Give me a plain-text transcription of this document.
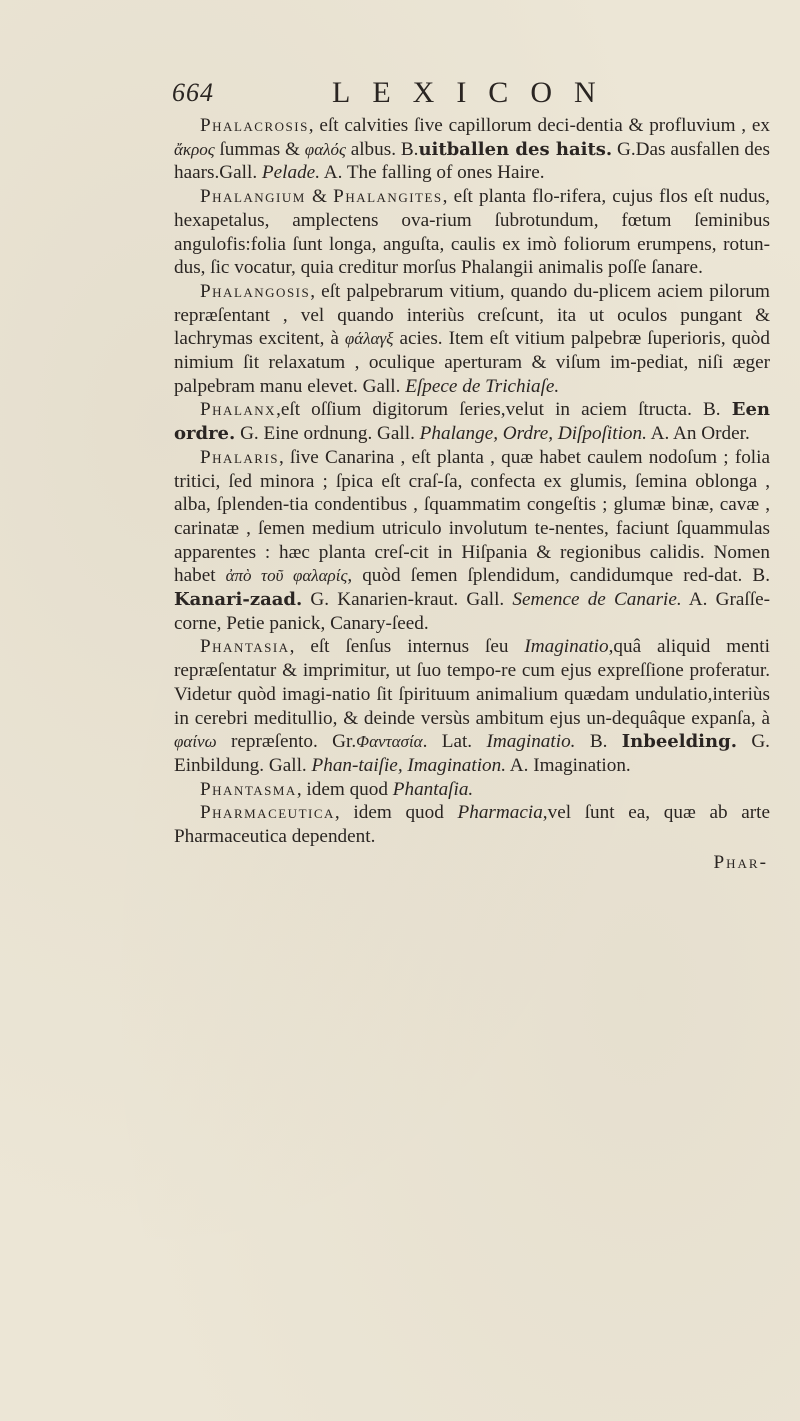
664	LEXICON

Phalacrosis, eſt calvities ſive capillorum deci-dentia & profluvium , ex ἄκρος ſummas & φαλός albus. B.uitballen des haits. G.Das ausfallen des haars.Gall. Pelade. A. The falling of ones Haire.

Phalangium & Phalangites, eſt planta flo-rifera, cujus flos eſt nudus, hexapetalus, amplectens ova-rium ſubrotundum, fœtum ſeminibus angulofis:folia ſunt longa, anguſta, caulis ex imò foliorum erumpens, rotun-dus, ſic vocatur, quia creditur morſus Phalangii animalis poſſe ſanare.

Phalangosis, eſt palpebrarum vitium, quando du-plicem aciem pilorum repræſentant , vel quando interiùs creſcunt, ita ut oculos pungant & lachrymas excitent, à φάλαγξ acies. Item eſt vitium palpebræ ſuperioris, quòd nimium ſit relaxatum , oculique aperturam & viſum im-pediat, niſi æger palpebram manu elevet. Gall. Eſpece de Trichiaſe.

Phalanx,eſt oſſium digitorum ſeries,velut in aciem ſtructa. B. Een ordre. G. Eine ordnung. Gall. Phalange, Ordre, Diſpoſition. A. An Order.

Phalaris, ſive Canarina , eſt planta , quæ habet caulem nodoſum ; folia tritici, ſed minora ; ſpica eſt craſ-ſa, confecta ex glumis, ſemina oblonga , alba, ſplenden-tia condentibus , ſquammatim congeſtis ; glumæ binæ, cavæ , carinatæ , ſemen medium utriculo involutum te-nentes, faciunt ſquammulas apparentes : hæc planta creſ-cit in Hiſpania & regionibus calidis. Nomen habet ἀπὸ τοῦ φαλαρίς, quòd ſemen ſplendidum, candidumque red-dat. B. Kanari-zaad. G. Kanarien-kraut. Gall. Semence de Canarie. A. Graſſe-corne, Petie panick, Canary-ſeed.

Phantasia, eſt ſenſus internus ſeu Imaginatio,quâ aliquid menti repræſentatur & imprimitur, ut ſuo tempo-re cum ejus expreſſione proferatur. Videtur quòd imagi-natio ſit ſpirituum animalium quædam undulatio,interiùs in cerebri meditullio, & deinde versùs ambitum ejus un-dequâque expanſa, à φαίνω repræſento. Gr.Φαντασία. Lat. Imaginatio. B. Inbeelding. G. Einbildung. Gall. Phan-taiſie, Imagination. A. Imagination.

Phantasma, idem quod Phantaſia.

Pharmaceutica, idem quod Pharmacia,vel ſunt ea, quæ ab arte Pharmaceutica dependent.

Phar-
